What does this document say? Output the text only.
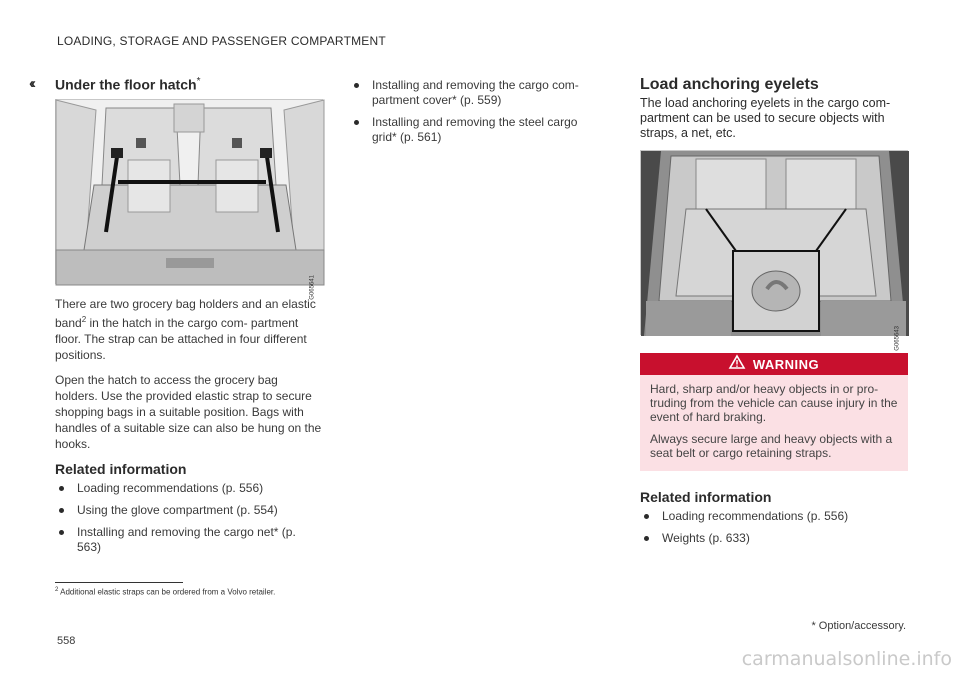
LOADING, STORAGE AND PASSENGER COMPARTMENT
‹‹ Under the floor hatch*
G065641

There are two grocery bag holders and an elastic band$^2$ in the hatch in the cargo com- partment floor. The strap can be attached in four different positions.

Open the hatch to access the grocery bag holders. Use the provided elastic strap to secure shopping bags in a suitable position. Bags with handles of a suitable size can also be hung on the hooks.

Related information
Loading recommendations (p. 556)
Using the glove compartment (p. 554)
Installing and removing the cargo net* (p. 563)
Installing and removing the cargo com- partment cover* (p. 559)
Installing and removing the steel cargo grid* (p. 561)
Load anchoring eyelets

The load anchoring eyelets in the cargo com- partment can be used to secure objects with straps, a net, etc.

G065643
WARNING

Hard, sharp and/or heavy objects in or pro- truding from the vehicle can cause injury in the event of hard braking.

Always secure large and heavy objects with a seat belt or cargo retaining straps.

Related information
Loading recommendations (p. 556)
Weights (p. 633)
$^2$ Additional elastic straps can be ordered from a Volvo retailer.
* Option/accessory.
558
carmanualsonline.info
